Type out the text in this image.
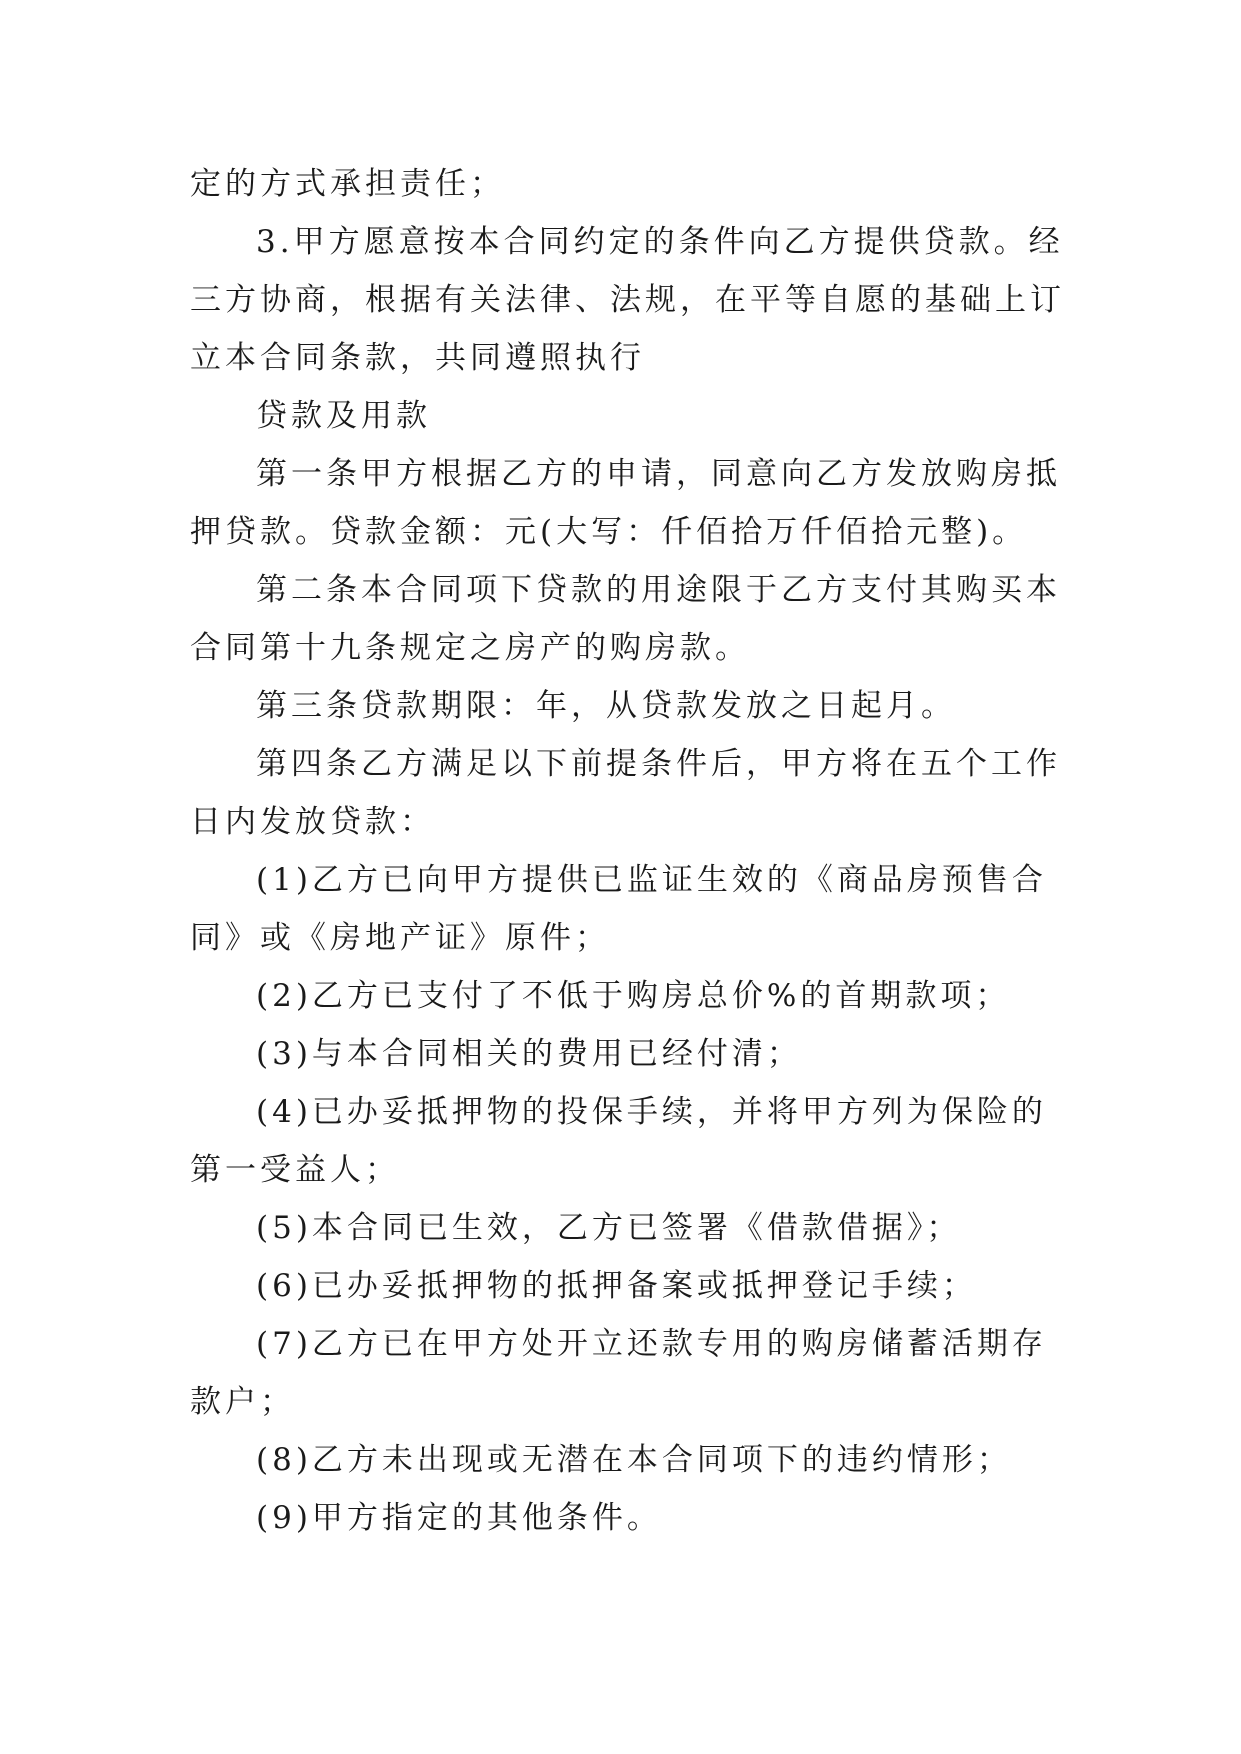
定的方式承担责任；

3.甲方愿意按本合同约定的条件向乙方提供贷款。经三方协商，根据有关法律、法规，在平等自愿的基础上订立本合同条款，共同遵照执行

贷款及用款

第一条甲方根据乙方的申请，同意向乙方发放购房抵押贷款。贷款金额：元(大写：仟佰拾万仟佰拾元整)。

第二条本合同项下贷款的用途限于乙方支付其购买本合同第十九条规定之房产的购房款。

第三条贷款期限：年，从贷款发放之日起月。

第四条乙方满足以下前提条件后，甲方将在五个工作日内发放贷款：

(1)乙方已向甲方提供已监证生效的《商品房预售合同》或《房地产证》原件；

(2)乙方已支付了不低于购房总价%的首期款项；

(3)与本合同相关的费用已经付清；

(4)已办妥抵押物的投保手续，并将甲方列为保险的第一受益人；

(5)本合同已生效，乙方已签署《借款借据》；

(6)已办妥抵押物的抵押备案或抵押登记手续；

(7)乙方已在甲方处开立还款专用的购房储蓄活期存款户；

(8)乙方未出现或无潜在本合同项下的违约情形；

(9)甲方指定的其他条件。
